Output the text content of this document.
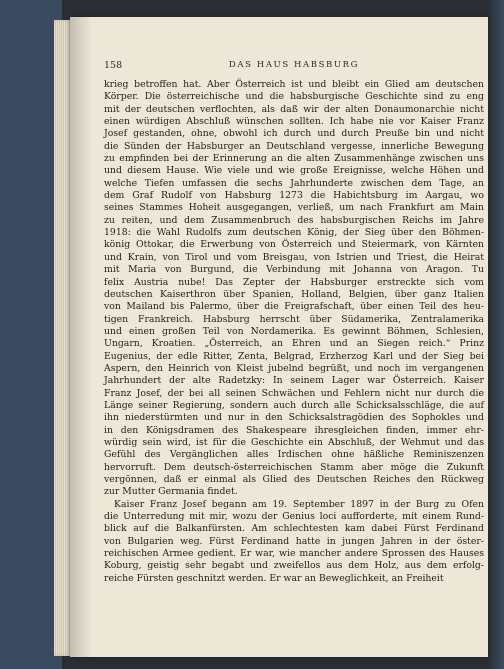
158	DAS HAUS HABSBURG
krieg betroffen hat. Aber Österreich ist und bleibt ein Glied am deutschen
Körper. Die österreichische und die habsburgische Geschichte sind zu eng
mit der deutschen verflochten, als daß wir der alten Donaumonarchie nicht
einen würdigen Abschluß wünschen sollten. Ich habe nie vor Kaiser Franz
Josef gestanden, ohne, obwohl ich durch und durch Preuße bin und nicht
die Sünden der Habsburger an Deutschland vergesse, innerliche Bewegung
zu empfinden bei der Erinnerung an die alten Zusammenhänge zwischen uns
und diesem Hause. Wie viele und wie große Ereignisse, welche Höhen und
welche Tiefen umfassen die sechs Jahrhunderte zwischen dem Tage, an
dem Graf Rudolf von Habsburg 1273 die Habichtsburg im Aargau, wo
seines Stammes Hoheit ausgegangen, verließ, um nach Frankfurt am Main
zu reiten, und dem Zusammenbruch des habsburgischen Reichs im Jahre
1918: die Wahl Rudolfs zum deutschen König, der Sieg über den Böhmen-
könig Ottokar, die Erwerbung von Österreich und Steiermark, von Kärnten
und Krain, von Tirol und vom Breisgau, von Istrien und Triest, die Heirat
mit Maria von Burgund, die Verbindung mit Johanna von Aragon. Tu
felix Austria nube! Das Zepter der Habsburger erstreckte sich vom
deutschen Kaiserthron über Spanien, Holland, Belgien, über ganz Italien
von Mailand bis Palermo, über die Freigrafschaft, über einen Teil des heu-
tigen Frankreich. Habsburg herrscht über Südamerika, Zentralamerika
und einen großen Teil von Nordamerika. Es gewinnt Böhmen, Schlesien,
Ungarn, Kroatien. „Österreich, an Ehren und an Siegen reich.“ Prinz
Eugenius, der edle Ritter, Zenta, Belgrad, Erzherzog Karl und der Sieg bei
Aspern, den Heinrich von Kleist jubelnd begrüßt, und noch im vergangenen
Jahrhundert der alte Radetzky: In seinem Lager war Österreich. Kaiser
Franz Josef, der bei all seinen Schwächen und Fehlern nicht nur durch die
Länge seiner Regierung, sondern auch durch alle Schicksalsschläge, die auf
ihn niederstürmten und nur in den Schicksalstragödien des Sophokles und
in den Königsdramen des Shakespeare ihresgleichen finden, immer ehr-
würdig sein wird, ist für die Geschichte ein Abschluß, der Wehmut und das
Gefühl des Vergänglichen alles Irdischen ohne häßliche Reminiszenzen
hervorruft. Dem deutsch-österreichischen Stamm aber möge die Zukunft
vergönnen, daß er einmal als Glied des Deutschen Reiches den Rückweg
zur Mutter Germania findet.
Kaiser Franz Josef begann am 19. September 1897 in der Burg zu Ofen
die Unterredung mit mir, wozu der Genius loci aufforderte, mit einem Rund-
blick auf die Balkanfürsten. Am schlechtesten kam dabei Fürst Ferdinand
von Bulgarien weg. Fürst Ferdinand hatte in jungen Jahren in der öster-
reichischen Armee gedient. Er war, wie mancher andere Sprossen des Hauses
Koburg, geistig sehr begabt und zweifellos aus dem Holz, aus dem erfolg-
reiche Fürsten geschnitzt werden. Er war an Beweglichkeit, an Freiheit
